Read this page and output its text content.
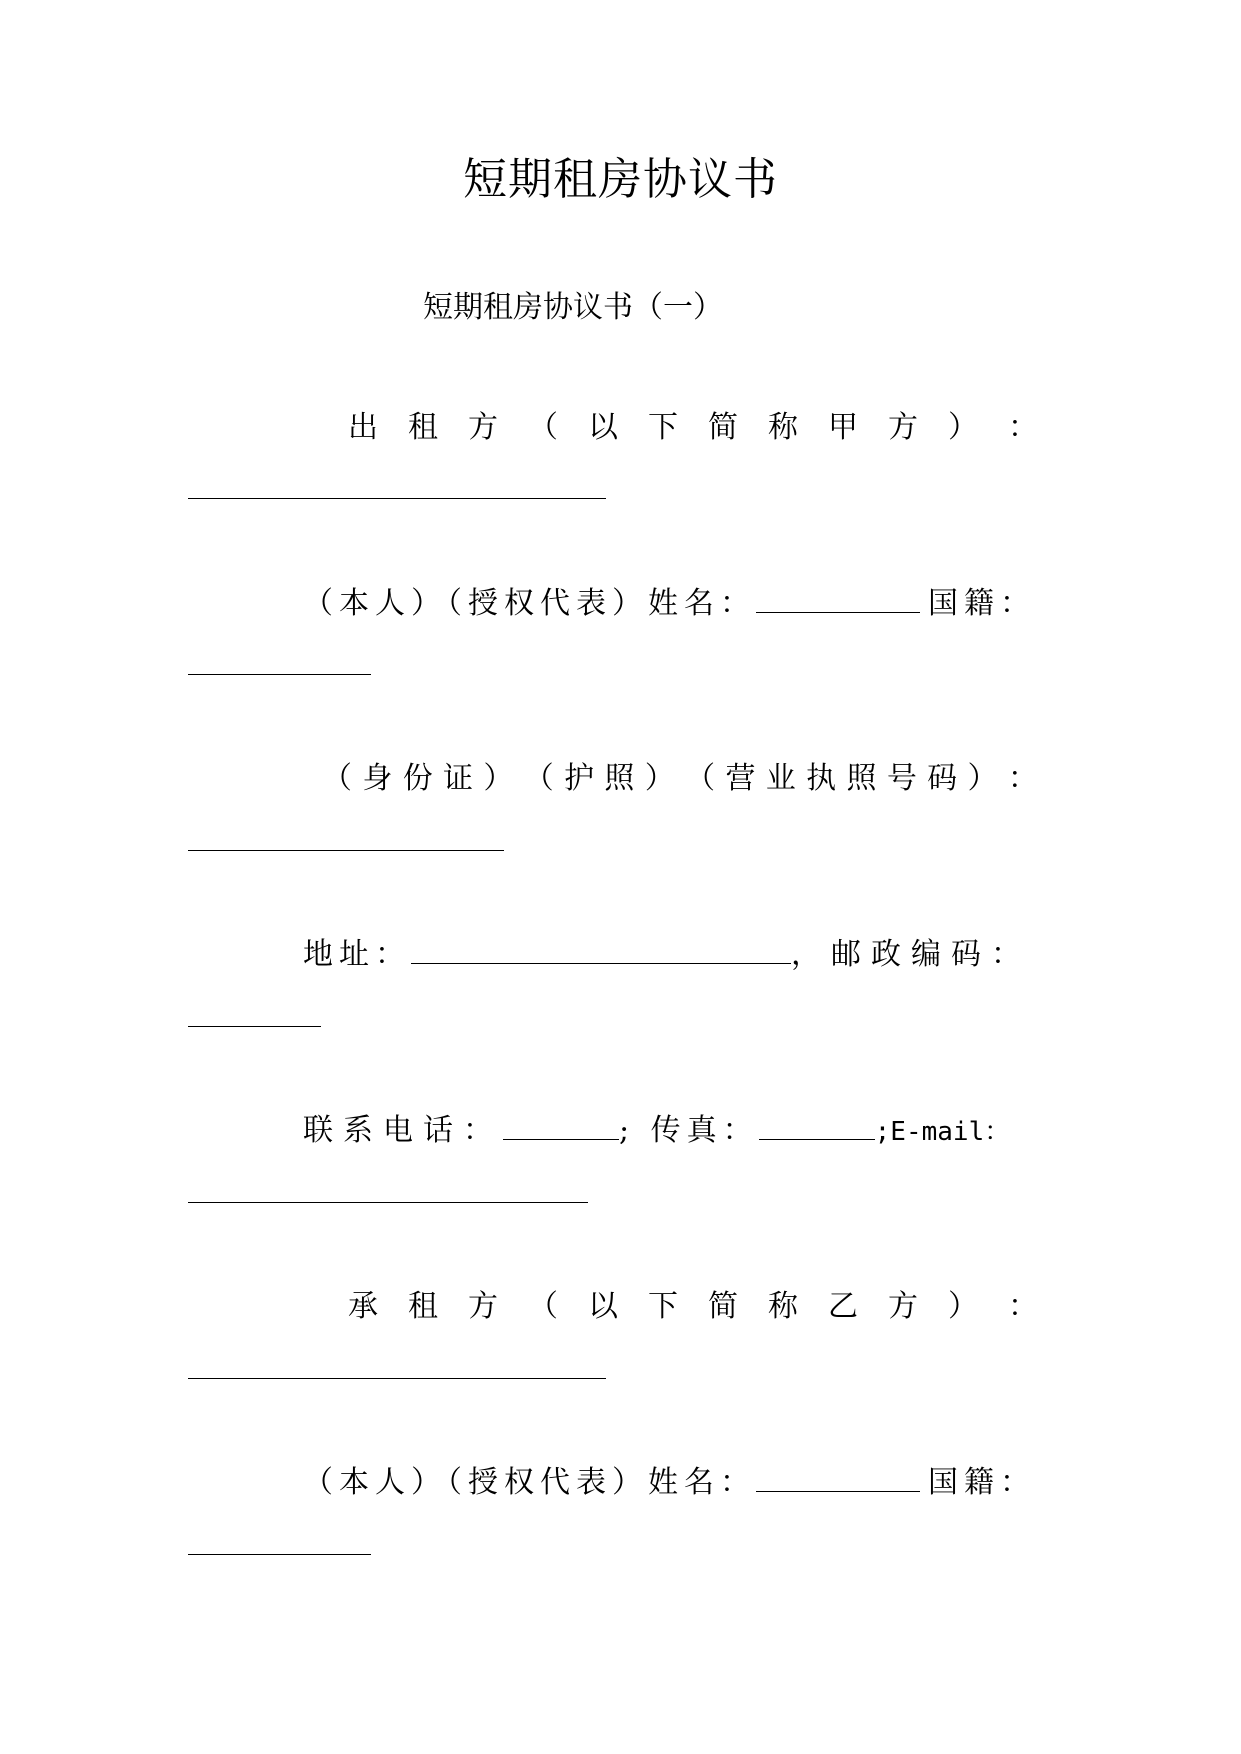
短期租房协议书
短期租房协议书（一）
出 租 方 （ 以 下 简 称 甲 方 ） ：
（本人）（授权代表）姓名：	国籍：
（ 身 份 证 ） （ 护 照 ） （ 营 业 执 照 号 码 ） ：
地址：	，邮政编码：
联系电话：	; 传真：	;E-mail：
承 租 方 （ 以 下 简 称 乙 方 ） ：
（本人）（授权代表）姓名：	国籍：
